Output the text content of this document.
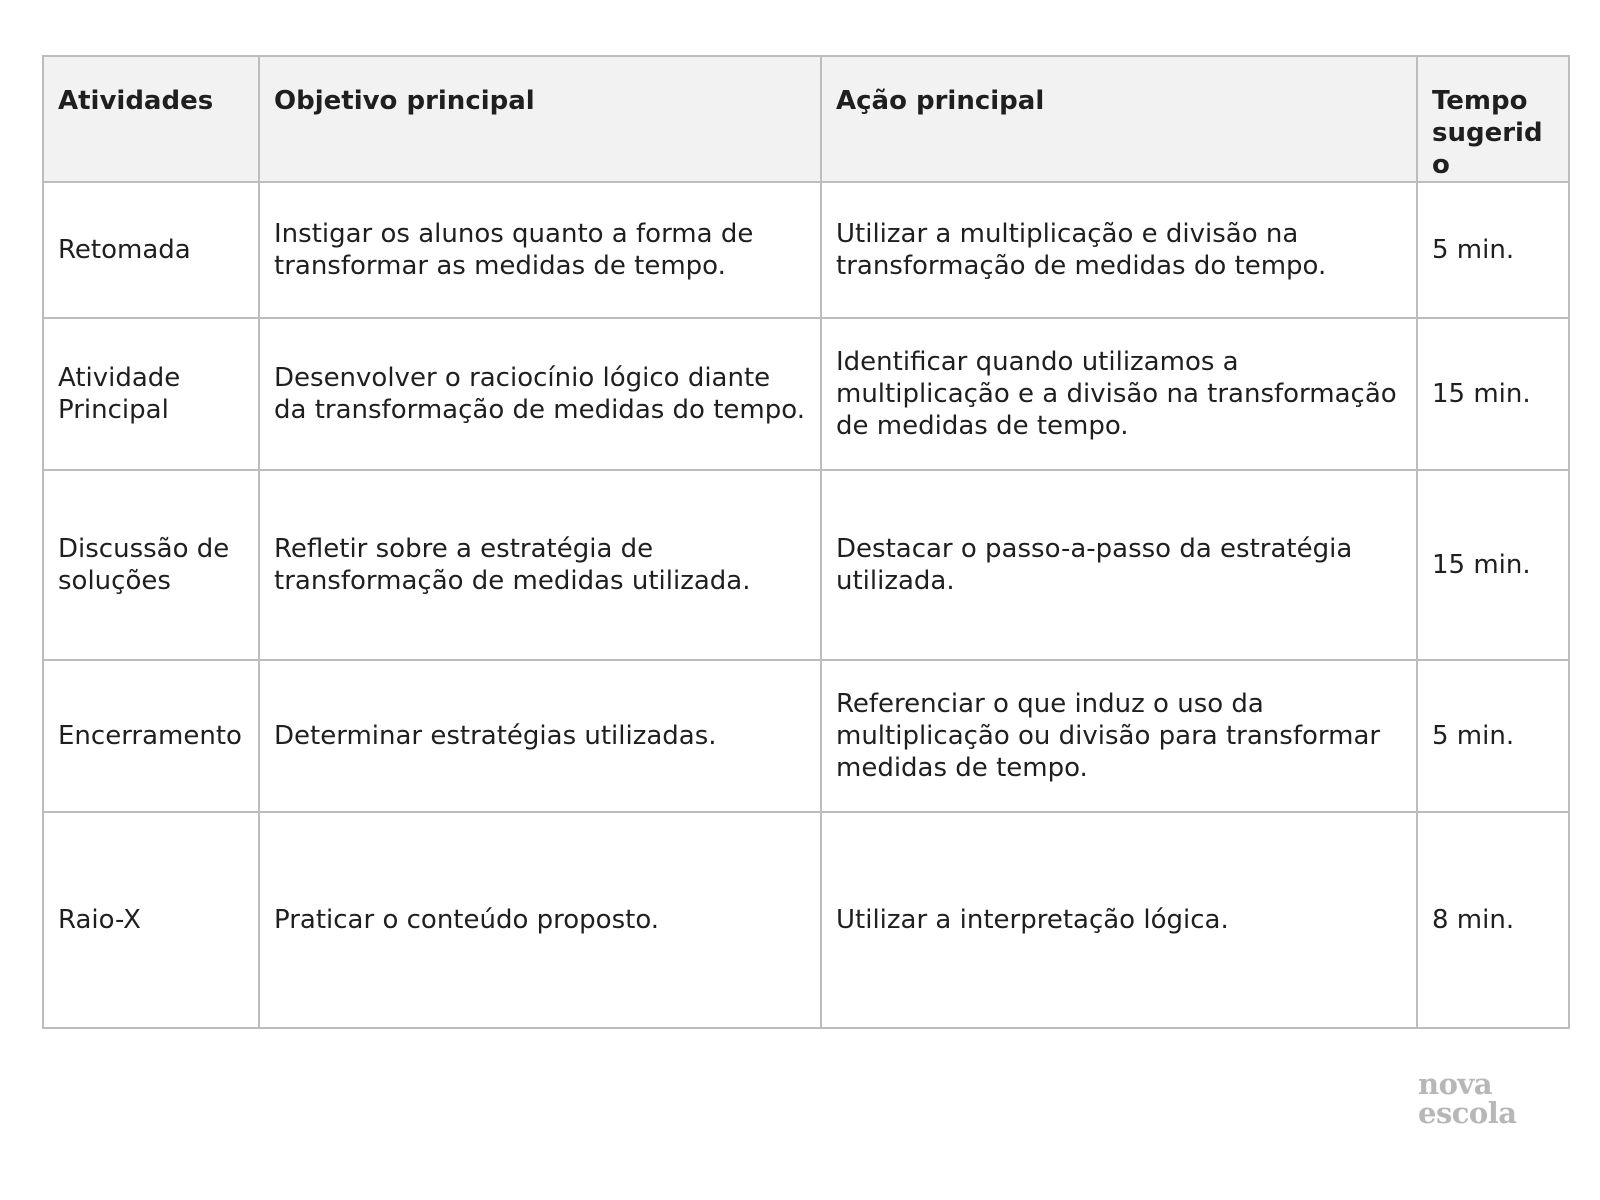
Atividades	Objetivo principal	Ação principal	Tempo sugerido
Retomada	Instigar os alunos quanto a forma de transformar as medidas de tempo.	Utilizar a multiplicação e divisão na transformação de medidas do tempo.	5 min.
Atividade Principal	Desenvolver o raciocínio lógico diante da transformação de medidas do tempo.	Identificar quando utilizamos a multiplicação e a divisão na transformação de medidas de tempo.	15 min.
Discussão de soluções	Refletir sobre a estratégia de transformação de medidas utilizada.	Destacar o passo-a-passo da estratégia utilizada.	15 min.
Encerramento	Determinar estratégias utilizadas.	Referenciar o que induz o uso da multiplicação ou divisão para transformar medidas de tempo.	5 min.
Raio-X	Praticar o conteúdo proposto.	Utilizar a interpretação lógica.	8 min.
nova
escola
